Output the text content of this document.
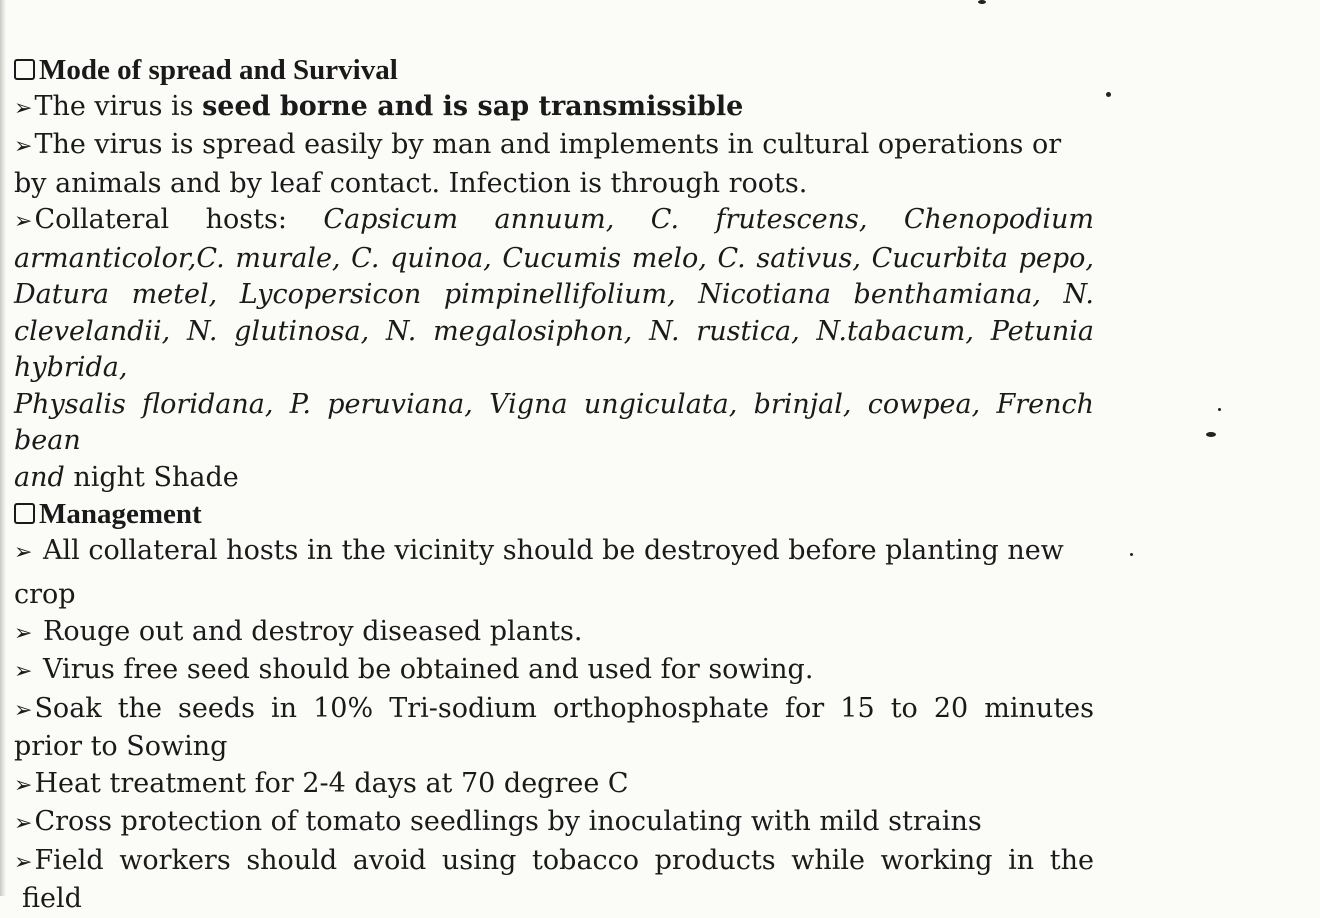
Mode of spread and Survival

➢The virus is seed borne and is sap transmissible

➢The virus is spread easily by man and implements in cultural operations or

by animals and by leaf contact. Infection is through roots.

➢Collateral hosts: Capsicum annuum, C. frutescens, Chenopodium

armanticolor,C. murale, C. quinoa, Cucumis melo, C. sativus, Cucurbita pepo,

Datura metel, Lycopersicon pimpinellifolium, Nicotiana benthamiana, N.

clevelandii, N. glutinosa, N. megalosiphon, N. rustica, N.tabacum, Petunia hybrida,

Physalis floridana, P. peruviana, Vigna ungiculata, brinjal, cowpea, French bean

and night Shade

Management

➢ All collateral hosts in the vicinity should be destroyed before planting new

crop

➢ Rouge out and destroy diseased plants.

➢ Virus free seed should be obtained and used for sowing.

➢Soak the seeds in 10% Tri-sodium orthophosphate for 15 to 20 minutes

prior to Sowing

➢Heat treatment for 2-4 days at 70 degree C

➢Cross protection of tomato seedlings by inoculating with mild strains

➢Field workers should avoid using tobacco products while working in the

field
